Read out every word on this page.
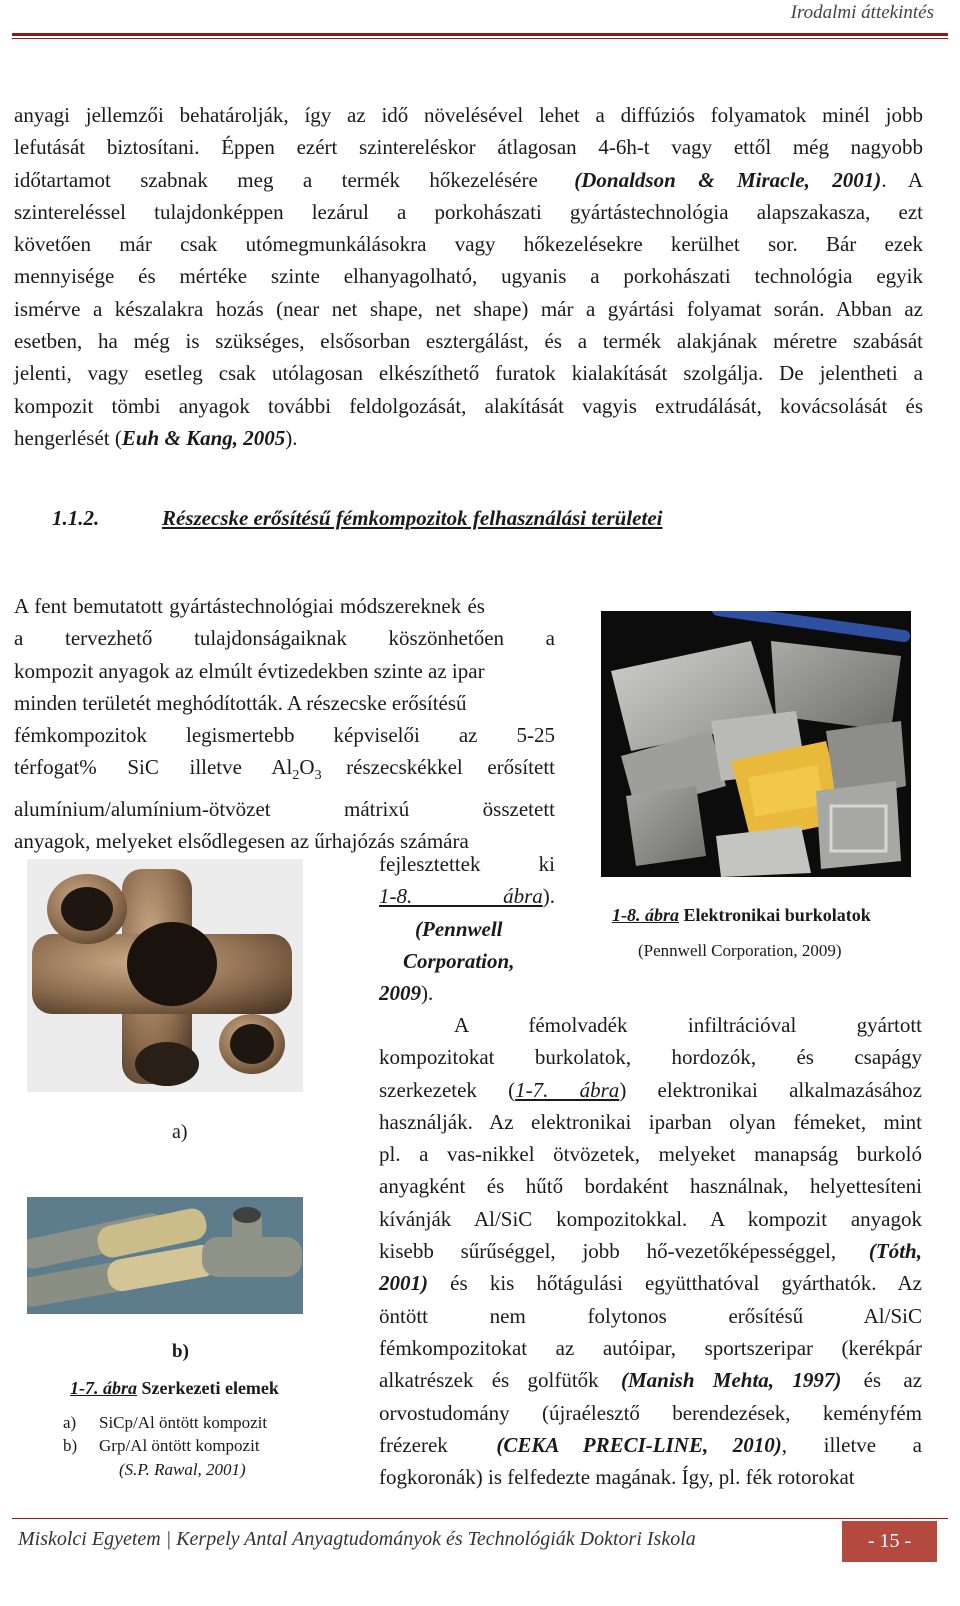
Irodalmi áttekintés
anyagi jellemzői behatárolják, így az idő növelésével lehet a diffúziós folyamatok minél jobb
lefutását biztosítani. Éppen ezért szintereléskor átlagosan 4-6h-t vagy ettől még nagyobb
időtartamot szabnak meg a termék hőkezelésére (Donaldson & Miracle, 2001). A
szintereléssel tulajdonképpen lezárul a porkohászati gyártástechnológia alapszakasza, ezt
követően már csak utómegmunkálásokra vagy hőkezelésekre kerülhet sor. Bár ezek
mennyisége és mértéke szinte elhanyagolható, ugyanis a porkohászati technológia egyik
ismérve a készalakra hozás (near net shape, net shape) már a gyártási folyamat során. Abban az
esetben, ha még is szükséges, elsősorban esztergálást, és a termék alakjának méretre szabását
jelenti, vagy esetleg csak utólagosan elkészíthető furatok kialakítását szolgálja. De jelentheti a
kompozit tömbi anyagok további feldolgozását, alakítását vagyis extrudálását, kovácsolását és
hengerlését (Euh & Kang, 2005).
1.1.2.	Részecske erősítésű fémkompozitok felhasználási területei
A fent bemutatott gyártástechnológiai módszereknek és
a tervezhető tulajdonságaiknak köszönhetően a
kompozit anyagok az elmúlt évtizedekben szinte az ipar
minden területét meghódították. A részecske erősítésű
fémkompozitok legismertebb képviselői az 5-25
térfogat% SiC illetve $Al_2O_3$ részecskékkel erősített
alumínium/alumínium-ötvözet mátrixú összetett
anyagok, melyeket elsődlegesen az űrhajózás számára
fejlesztettek ki
1-8. ábra).
(Pennwell
Corporation,
2009).
A fémolvadék infiltrációval gyártott
kompozitokat burkolatok, hordozók, és csapágy
szerkezetek (1-7. ábra) elektronikai alkalmazásához
használják. Az elektronikai iparban olyan fémeket, mint
pl. a vas-nikkel ötvözetek, melyeket manapság burkoló
anyagként és hűtő bordaként használnak, helyettesíteni
kívánják Al/SiC kompozitokkal. A kompozit anyagok
kisebb sűrűséggel, jobb hő-vezetőképességgel, (Tóth,
2001) és kis hőtágulási együtthatóval gyárthatók. Az
öntött nem folytonos erősítésű Al/SiC
fémkompozitokat az autóipar, sportszeripar (kerékpár
alkatrészek és golfütők (Manish Mehta, 1997) és az
orvostudomány (újraélesztő berendezések, keményfém
frézerek (CEKA PRECI-LINE, 2010), illetve a
fogkoronák) is felfedezte magának. Így, pl. fék rotorokat
1-8. ábra Elektronikai burkolatok
(Pennwell Corporation, 2009)
a)
b)
1-7. ábra Szerkezeti elemek
a) SiCp/Al öntött kompozit
b) Grp/Al öntött kompozit
(S.P. Rawal, 2001)
Miskolci Egyetem | Kerpely Antal Anyagtudományok és Technológiák Doktori Iskola	- 15 -
